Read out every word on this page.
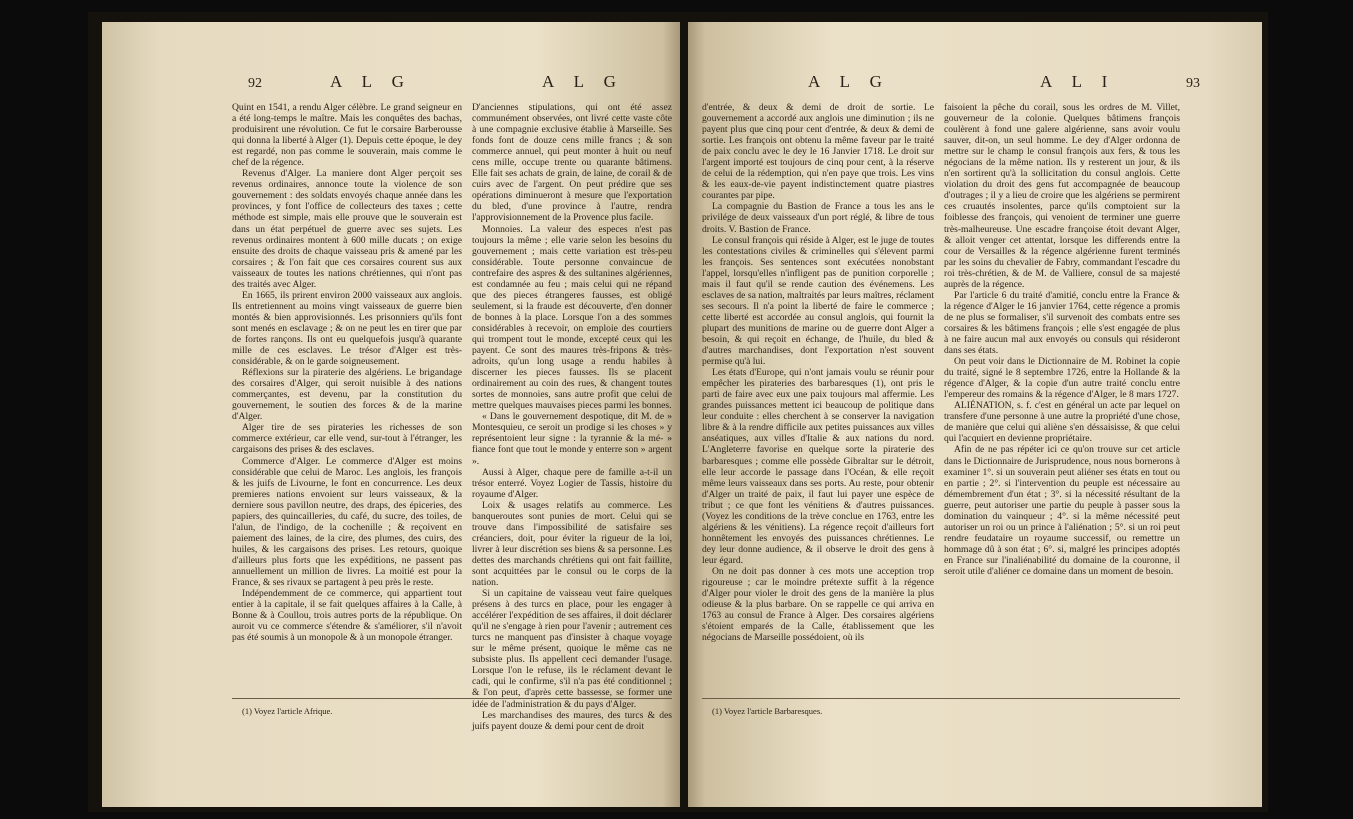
92	A L G	A L G

Quint en 1541, a rendu Alger célèbre. Le grand seigneur en a été long-temps le maître. Mais les conquêtes des bachas, produisirent une révolution. Ce fut le corsaire Barberousse qui donna la liberté à Alger (1). Depuis cette époque, le dey est regardé, non pas comme le souverain, mais comme le chef de la régence.

Revenus d'Alger. La maniere dont Alger perçoit ses revenus ordinaires, annonce toute la violence de son gouvernement : des soldats envoyés chaque année dans les provinces, y font l'office de collecteurs des taxes ; cette méthode est simple, mais elle prouve que le souverain est dans un état perpétuel de guerre avec ses sujets. Les revenus ordinaires montent à 600 mille ducats ; on exige ensuite des droits de chaque vaisseau pris & amené par les corsaires ; & l'on fait que ces corsaires courent sus aux vaisseaux de toutes les nations chrétiennes, qui n'ont pas des traités avec Alger.

En 1665, ils prirent environ 2000 vaisseaux aux anglois. Ils entretiennent au moins vingt vaisseaux de guerre bien montés & bien approvisionnés. Les prisonniers qu'ils font sont menés en esclavage ; & on ne peut les en tirer que par de fortes rançons. Ils ont eu quelquefois jusqu'à quarante mille de ces esclaves. Le trésor d'Alger est très-considérable, & on le garde soigneusement.

Réflexions sur la piraterie des algériens. Le brigandage des corsaires d'Alger, qui seroit nuisible à des nations commerçantes, est devenu, par la constitution du gouvernement, le soutien des forces & de la marine d'Alger.

Alger tire de ses pirateries les richesses de son commerce extérieur, car elle vend, sur-tout à l'étranger, les cargaisons des prises & des esclaves.

Commerce d'Alger. Le commerce d'Alger est moins considérable que celui de Maroc. Les anglois, les françois & les juifs de Livourne, le font en concurrence. Les deux premieres nations envoient sur leurs vaisseaux, & la derniere sous pavillon neutre, des draps, des épiceries, des papiers, des quincailleries, du café, du sucre, des toiles, de l'alun, de l'indigo, de la cochenille ; & reçoivent en paiement des laines, de la cire, des plumes, des cuirs, des huiles, & les cargaisons des prises. Les retours, quoique d'ailleurs plus forts que les expéditions, ne passent pas annuellement un million de livres. La moitié est pour la France, & ses rivaux se partagent à peu près le reste.

Indépendemment de ce commerce, qui appartient tout entier à la capitale, il se fait quelques affaires à la Calle, à Bonne & à Coullou, trois autres ports de la république. On auroit vu ce commerce s'étendre & s'améliorer, s'il n'avoit pas été soumis à un monopole & à un monopole étranger.

D'anciennes stipulations, qui ont été assez communément observées, ont livré cette vaste côte à une compagnie exclusive établie à Marseille. Ses fonds font de douze cens mille francs ; & son commerce annuel, qui peut monter à huit ou neuf cens mille, occupe trente ou quarante bâtimens. Elle fait ses achats de grain, de laine, de corail & de cuirs avec de l'argent. On peut prédire que ses opérations diminueront à mesure que l'exportation du bled, d'une province à l'autre, rendra l'approvisionnement de la Provence plus facile.

Monnoies. La valeur des especes n'est pas toujours la même ; elle varie selon les besoins du gouvernement ; mais cette variation est très-peu considérable. Toute personne convaincue de contrefaire des aspres & des sultanines algériennes, est condamnée au feu ; mais celui qui ne répand que des pieces étrangeres fausses, est obligé seulement, si la fraude est découverte, d'en donner de bonnes à la place. Lorsque l'on a des sommes considérables à recevoir, on emploie des courtiers qui trompent tout le monde, excepté ceux qui les payent. Ce sont des maures très-fripons & très-adroits, qu'un long usage a rendu habiles à discerner les pieces fausses. Ils se placent ordinairement au coin des rues, & changent toutes sortes de monnoies, sans autre profit que celui de mettre quelques mauvaises pieces parmi les bonnes.

« Dans le gouvernement despotique, dit M. de » Montesquieu, ce seroit un prodige si les choses » y représentoient leur signe : la tyrannie & la mé- » fiance font que tout le monde y enterre son » argent ».

Aussi à Alger, chaque pere de famille a-t-il un trésor enterré. Voyez Logier de Tassis, histoire du royaume d'Alger.

Loix & usages relatifs au commerce. Les banqueroutes sont punies de mort. Celui qui se trouve dans l'impossibilité de satisfaire ses créanciers, doit, pour éviter la rigueur de la loi, livrer à leur discrétion ses biens & sa personne. Les dettes des marchands chrétiens qui ont fait faillite, sont acquittées par le consul ou le corps de la nation.

Si un capitaine de vaisseau veut faire quelques présens à des turcs en place, pour les engager à accélérer l'expédition de ses affaires, il doit déclarer qu'il ne s'engage à rien pour l'avenir ; autrement ces turcs ne manquent pas d'insister à chaque voyage sur le même présent, quoique le même cas ne subsiste plus. Ils appellent ceci demander l'usage. Lorsque l'on le refuse, ils le réclament devant le cadi, qui le confirme, s'il n'a pas été conditionnel ; & l'on peut, d'après cette bassesse, se former une idée de l'administration & du pays d'Alger.

Les marchandises des maures, des turcs & des juifs payent douze & demi pour cent de droit

(1) Voyez l'article Afrique.
A L G	A L I	93

d'entrée, & deux & demi de droit de sortie. Le gouvernement a accordé aux anglois une diminution ; ils ne payent plus que cinq pour cent d'entrée, & deux & demi de sortie. Les françois ont obtenu la même faveur par le traité de paix conclu avec le dey le 16 Janvier 1718. Le droit sur l'argent importé est toujours de cinq pour cent, à la réserve de celui de la rédemption, qui n'en paye que trois. Les vins & les eaux-de-vie payent indistinctement quatre piastres courantes par pipe.

La compagnie du Bastion de France a tous les ans le privilége de deux vaisseaux d'un port réglé, & libre de tous droits. V. Bastion de France.

Le consul françois qui réside à Alger, est le juge de toutes les contestations civiles & criminelles qui s'élevent parmi les françois. Ses sentences sont exécutées nonobstant l'appel, lorsqu'elles n'infligent pas de punition corporelle ; mais il faut qu'il se rende caution des événemens. Les esclaves de sa nation, maltraités par leurs maîtres, réclament ses secours. Il n'a point la liberté de faire le commerce ; cette liberté est accordée au consul anglois, qui fournit la plupart des munitions de marine ou de guerre dont Alger a besoin, & qui reçoit en échange, de l'huile, du bled & d'autres marchandises, dont l'exportation n'est souvent permise qu'à lui.

Les états d'Europe, qui n'ont jamais voulu se réunir pour empêcher les pirateries des barbaresques (1), ont pris le parti de faire avec eux une paix toujours mal affermie. Les grandes puissances mettent ici beaucoup de politique dans leur conduite : elles cherchent à se conserver la navigation libre & à la rendre difficile aux petites puissances aux villes anséatiques, aux villes d'Italie & aux nations du nord. L'Angleterre favorise en quelque sorte la piraterie des barbaresques ; comme elle possède Gibraltar sur le détroit, elle leur accorde le passage dans l'Océan, & elle reçoit même leurs vaisseaux dans ses ports. Au reste, pour obtenir d'Alger un traité de paix, il faut lui payer une espèce de tribut ; ce que font les vénitiens & d'autres puissances. (Voyez les conditions de la trève conclue en 1763, entre les algériens & les vénitiens). La régence reçoit d'ailleurs fort honnêtement les envoyés des puissances chrétiennes. Le dey leur donne audience, & il observe le droit des gens à leur égard.

On ne doit pas donner à ces mots une acception trop rigoureuse ; car le moindre prétexte suffit à la régence d'Alger pour violer le droit des gens de la manière la plus odieuse & la plus barbare. On se rappelle ce qui arriva en 1763 au consul de France à Alger. Des corsaires algériens s'étoient emparés de la Calle, établissement que les négocians de Marseille possédoient, où ils

faisoient la pêche du corail, sous les ordres de M. Villet, gouverneur de la colonie. Quelques bâtimens françois coulèrent à fond une galere algérienne, sans avoir voulu sauver, dit-on, un seul homme. Le dey d'Alger ordonna de mettre sur le champ le consul françois aux fers, & tous les négocians de la même nation. Ils y resterent un jour, & ils n'en sortirent qu'à la sollicitation du consul anglois. Cette violation du droit des gens fut accompagnée de beaucoup d'outrages ; il y a lieu de croire que les algériens se permirent ces cruautés insolentes, parce qu'ils comptoient sur la foiblesse des françois, qui venoient de terminer une guerre très-malheureuse. Une escadre françoise étoit devant Alger, & alloit venger cet attentat, lorsque les differends entre la cour de Versailles & la régence algérienne furent terminés par les soins du chevalier de Fabry, commandant l'escadre du roi très-chrétien, & de M. de Valliere, consul de sa majesté auprès de la régence.

Par l'article 6 du traité d'amitié, conclu entre la France & la régence d'Alger le 16 janvier 1764, cette régence a promis de ne plus se formaliser, s'il survenoit des combats entre ses corsaires & les bâtimens françois ; elle s'est engagée de plus à ne faire aucun mal aux envoyés ou consuls qui résideront dans ses états.

On peut voir dans le Dictionnaire de M. Robinet la copie du traité, signé le 8 septembre 1726, entre la Hollande & la régence d'Alger, & la copie d'un autre traité conclu entre l'empereur des romains & la régence d'Alger, le 8 mars 1727.

ALIÉNATION, s. f. c'est en général un acte par lequel on transfere d'une personne à une autre la propriété d'une chose, de manière que celui qui aliène s'en déssaisisse, & que celui qui l'acquiert en devienne propriétaire.

Afin de ne pas répéter ici ce qu'on trouve sur cet article dans le Dictionnaire de Jurisprudence, nous nous bornerons à examiner 1°. si un souverain peut aliéner ses états en tout ou en partie ; 2°. si l'intervention du peuple est nécessaire au démembrement d'un état ; 3°. si la nécessité résultant de la guerre, peut autoriser une partie du peuple à passer sous la domination du vainqueur ; 4°. si la même nécessité peut autoriser un roi ou un prince à l'aliénation ; 5°. si un roi peut rendre feudataire un royaume successif, ou remettre un hommage dû à son état ; 6°. si, malgré les principes adoptés en France sur l'inaliénabilité du domaine de la couronne, il seroit utile d'aliéner ce domaine dans un moment de besoin.

(1) Voyez l'article Barbaresques.
